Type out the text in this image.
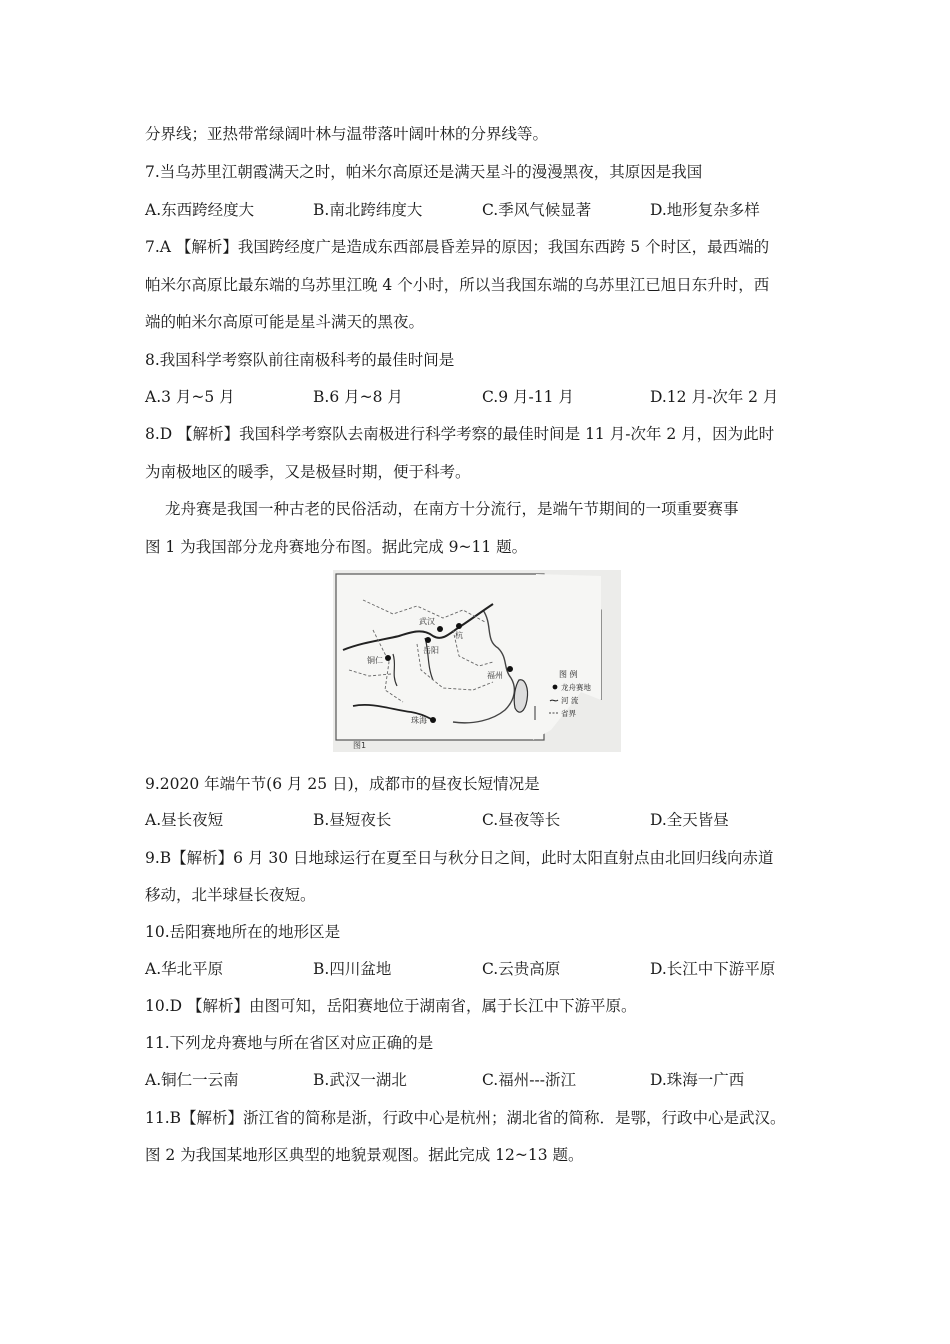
分界线；亚热带常绿阔叶林与温带落叶阔叶林的分界线等。
7.当乌苏里江朝霞满天之时，帕米尔高原还是满天星斗的漫漫黑夜，其原因是我国
A.东西跨经度大	B.南北跨纬度大	C.季风气候显著	D.地形复杂多样
7.A 【解析】我国跨经度广是造成东西部晨昏差异的原因；我国东西跨 5 个时区，最西端的
帕米尔高原比最东端的乌苏里江晚 4 个小时，所以当我国东端的乌苏里江已旭日东升时，西
端的帕米尔高原可能是星斗满天的黑夜。
8.我国科学考察队前往南极科考的最佳时间是
A.3 月~5 月	B.6 月~8 月	C.9 月-11 月	D.12 月-次年 2 月
8.D 【解析】我国科学考察队去南极进行科学考察的最佳时间是 11 月-次年 2 月，因为此时
为南极地区的暖季，又是极昼时期，便于科考。
龙舟赛是我国一种古老的民俗活动，在南方十分流行，是端午节期间的一项重要赛事
图 1 为我国部分龙舟赛地分布图。据此完成 9~11 题。
武汉
岳阳
铜仁
福州
珠海
杭
图 例
龙舟赛地
河 流
省界
图1
9.2020 年端午节(6 月 25 日)，成都市的昼夜长短情况是
A.昼长夜短	B.昼短夜长	C.昼夜等长	D.全天皆昼
9.B【解析】6 月 30 日地球运行在夏至日与秋分日之间，此时太阳直射点由北回归线向赤道
移动，北半球昼长夜短。
10.岳阳赛地所在的地形区是
A.华北平原	B.四川盆地	C.云贵高原	D.长江中下游平原
10.D 【解析】由图可知，岳阳赛地位于湖南省，属于长江中下游平原。
11.下列龙舟赛地与所在省区对应正确的是
A.铜仁一云南	B.武汉一湖北	C.福州---浙江	D.珠海一广西
11.B【解析】浙江省的简称是浙，行政中心是杭州；湖北省的简称．是鄂，行政中心是武汉。
图 2 为我国某地形区典型的地貌景观图。据此完成 12~13 题。
